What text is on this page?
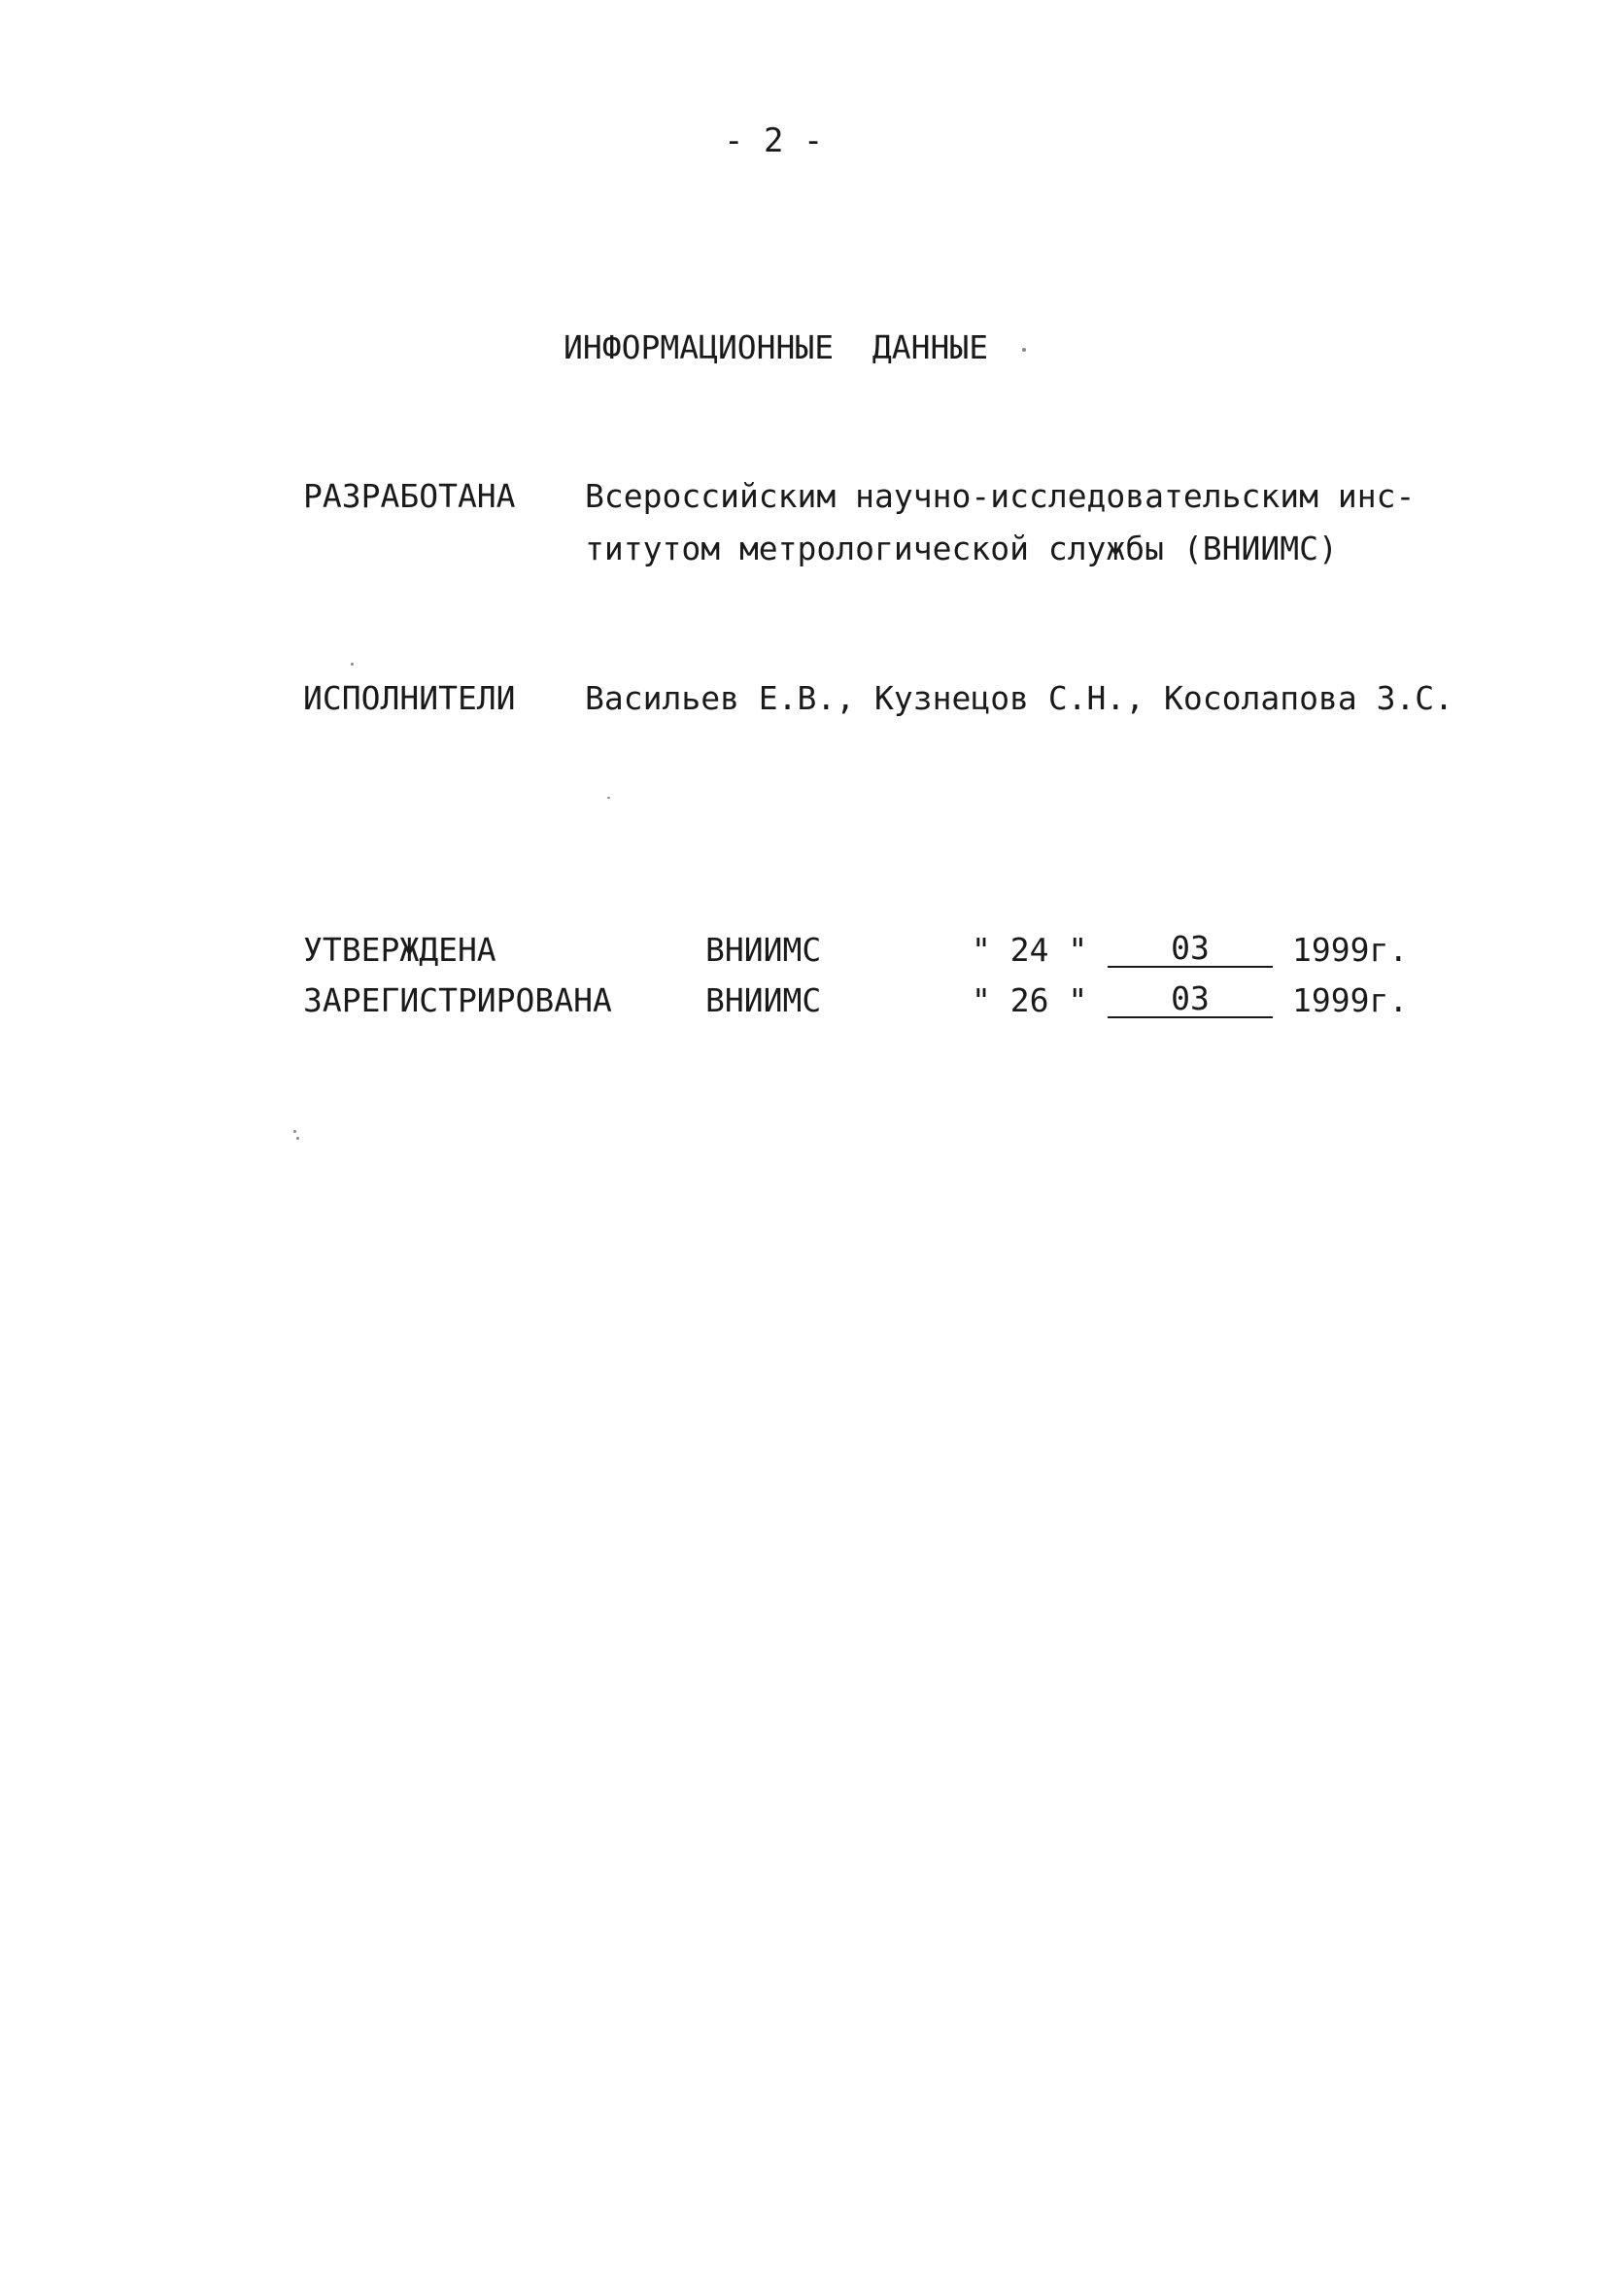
- 2 -
ИНФОРМАЦИОННЫЕ  ДАННЫЕ
РАЗРАБОТАНА Всероссийским научно-исследовательским инс-
титутом метрологической службы (ВНИИМС)
ИСПОЛНИТЕЛИ Васильев Е.В., Кузнецов С.Н., Косолапова З.С.
УТВЕРЖДЕНА	ВНИИМС	" 24 "	03	1999г.
ЗАРЕГИСТРИРОВАНА	ВНИИМС	" 26 "	03	1999г.
